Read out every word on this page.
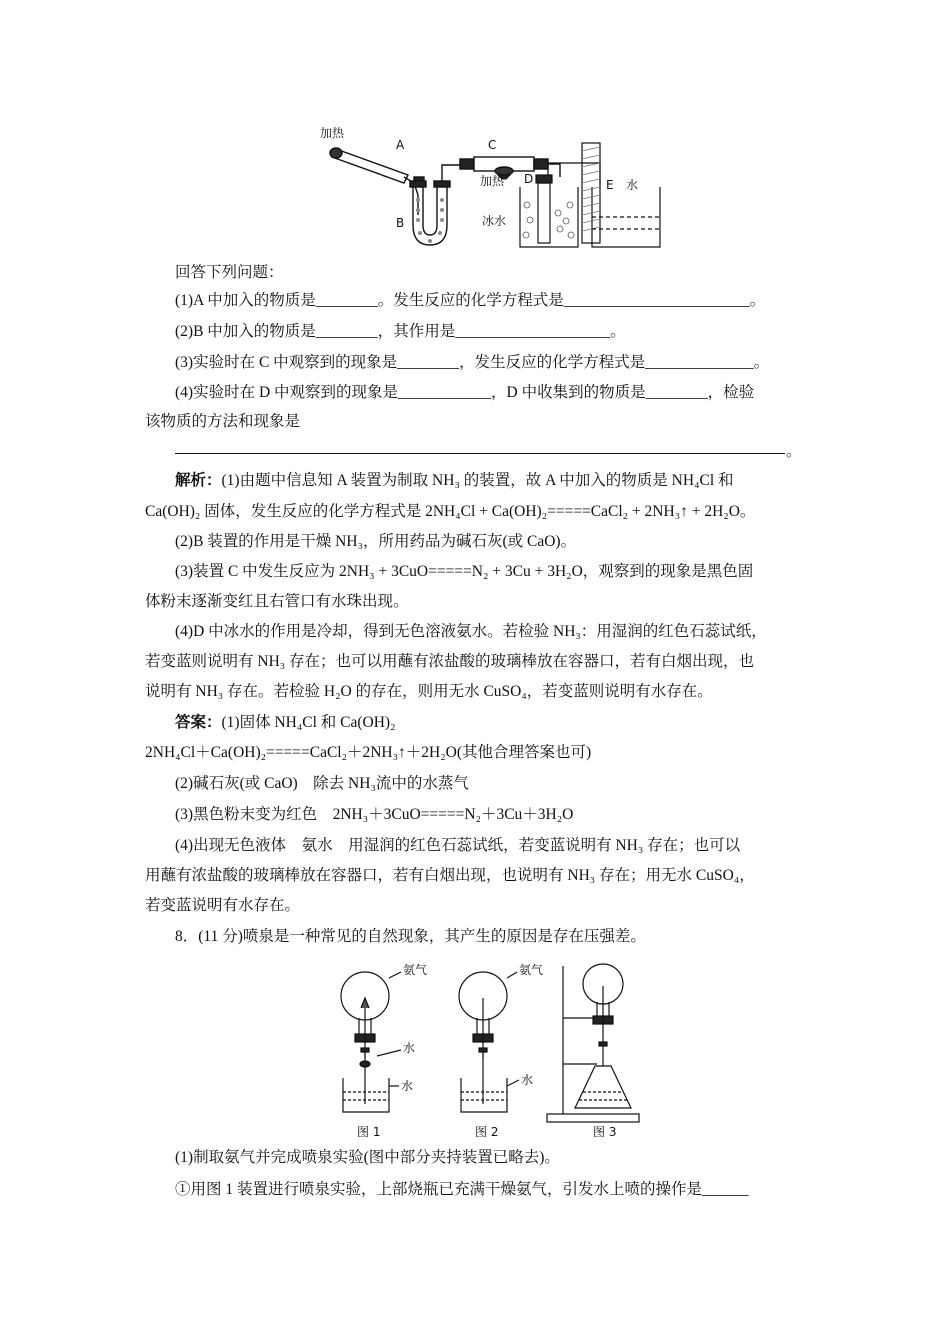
加热
A
B
C
加热 D	E 水
冰水
回答下列问题：
(1)A 中加入的物质是________。发生反应的化学方程式是________________________。
(2)B 中加入的物质是________，其作用是____________________。
(3)实验时在 C 中观察到的现象是________，发生反应的化学方程式是______________。
(4)实验时在 D 中观察到的现象是____________，D 中收集到的物质是________，检验
该物质的方法和现象是
。
解析：(1)由题中信息知 A 装置为制取 NH₃ 的装置，故 A 中加入的物质是 NH₄Cl 和
Ca(OH)₂ 固体，发生反应的化学方程式是 2NH₄Cl + Ca(OH)₂=====CaCl₂ + 2NH₃↑ + 2H₂O。
(2)B 装置的作用是干燥 NH₃，所用药品为碱石灰(或 CaO)。
(3)装置 C 中发生反应为 2NH₃ + 3CuO=====N₂ + 3Cu + 3H₂O，观察到的现象是黑色固
体粉末逐渐变红且右管口有水珠出现。
(4)D 中冰水的作用是冷却，得到无色溶液氨水。若检验 NH₃：用湿润的红色石蕊试纸，
若变蓝则说明有 NH₃ 存在；也可以用蘸有浓盐酸的玻璃棒放在容器口，若有白烟出现，也
说明有 NH₃ 存在。若检验 H₂O 的存在，则用无水 CuSO₄，若变蓝则说明有水存在。
答案：(1)固体 NH₄Cl 和 Ca(OH)₂
2NH₄Cl＋Ca(OH)₂=====CaCl₂＋2NH₃↑＋2H₂O(其他合理答案也可)
(2)碱石灰(或 CaO)　除去 NH₃流中的水蒸气
(3)黑色粉末变为红色　2NH₃＋3CuO=====N₂＋3Cu＋3H₂O
(4)出现无色液体　氨水　用湿润的红色石蕊试纸，若变蓝说明有 NH₃ 存在；也可以
用蘸有浓盐酸的玻璃棒放在容器口，若有白烟出现，也说明有 NH₃ 存在；用无水 CuSO₄，
若变蓝说明有水存在。
8．(11 分)喷泉是一种常见的自然现象，其产生的原因是存在压强差。
氨气
水
水
氨气
水
图 1	图 2	图 3
(1)制取氨气并完成喷泉实验(图中部分夹持装置已略去)。
①用图 1 装置进行喷泉实验，上部烧瓶已充满干燥氨气，引发水上喷的操作是______
